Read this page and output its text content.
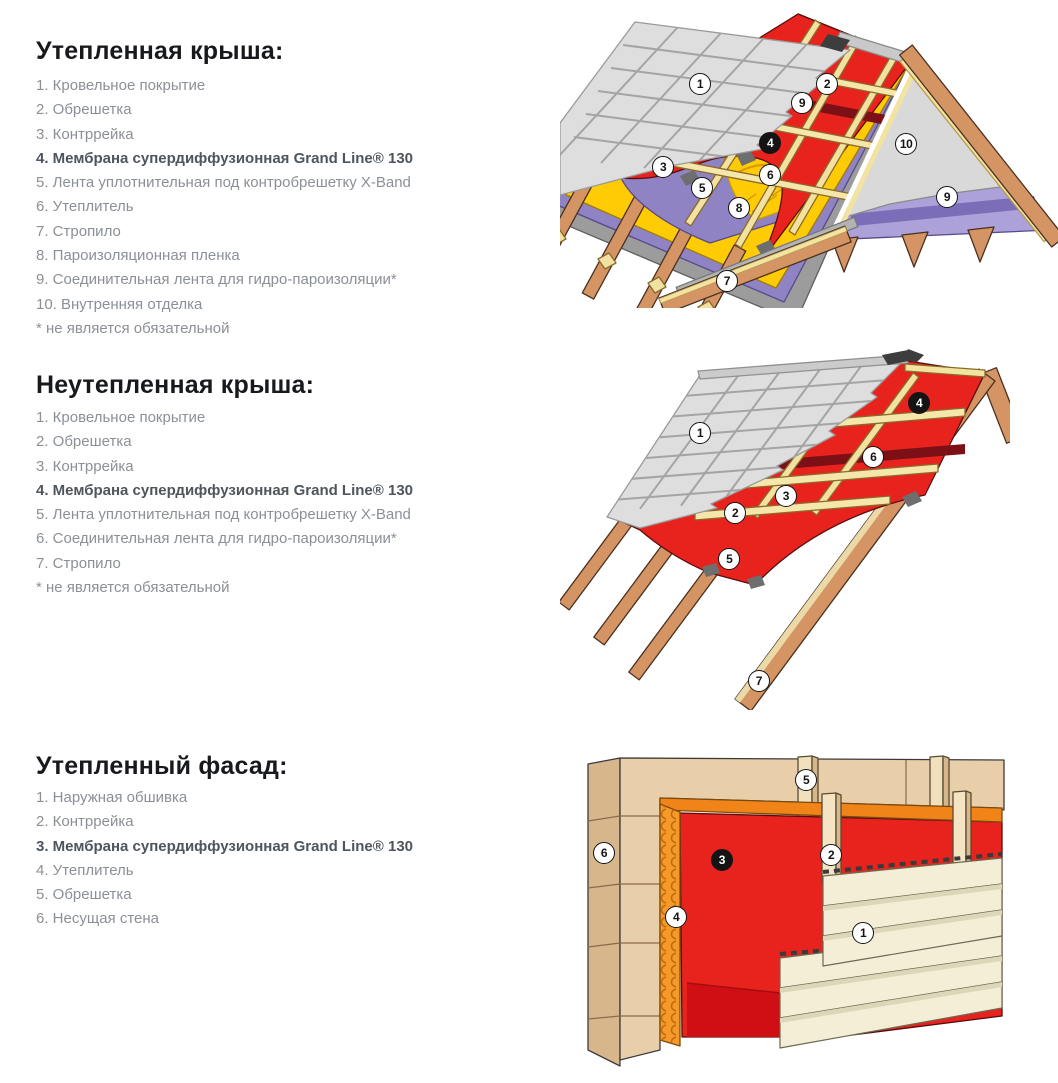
Утепленная крыша:
1. Кровельное покрытие
2. Обрешетка
3. Контррейка
4. Мембрана супердиффузионная Grand Line® 130
5. Лента уплотнительная под контробрешетку X-Band
6. Утеплитель
7. Стропило
8. Пароизоляционная пленка
9. Соединительная лента для гидро-пароизоляции*
10. Внутренняя отделка
* не является обязательной
Неутепленная крыша:
1. Кровельное покрытие
2. Обрешетка
3. Контррейка
4. Мембрана супердиффузионная Grand Line® 130
5. Лента уплотнительная под контробрешетку X-Band
6. Соединительная лента для гидро-пароизоляции*
7. Стропило
* не является обязательной
Утепленный фасад:
1. Наружная обшивка
2. Контррейка
3. Мембрана супердиффузионная Grand Line® 130
4. Утеплитель
5. Обрешетка
6. Несущая стена
1	2
9
4
3
6
5
8
10
9
7
4
1
6
3
2
5
7
5
6	3	2
4
1
